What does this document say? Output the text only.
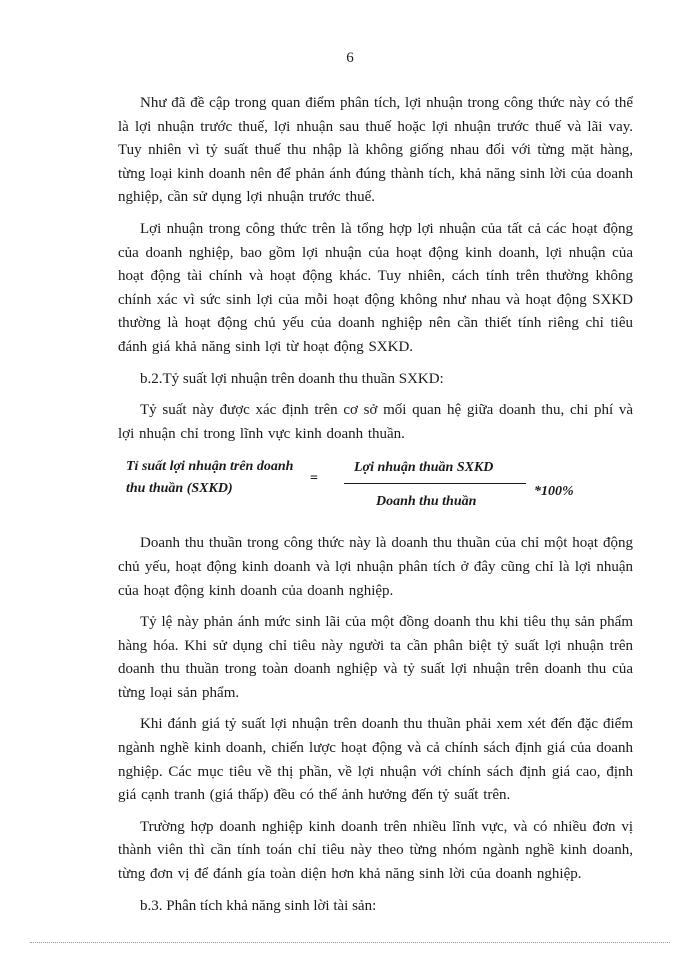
6

Như đã đề cập trong quan điểm phân tích, lợi nhuận trong công thức này có thể là lợi nhuận trước thuế, lợi nhuận sau thuế hoặc lợi nhuận trước thuế và lãi vay. Tuy nhiên vì tỷ suất thuế thu nhập là không giống nhau đối với từng mặt hàng, từng loại kinh doanh nên để phản ánh đúng thành tích, khả năng sinh lời của doanh nghiệp, cần sử dụng lợi nhuận trước thuế.

Lợi nhuận trong công thức trên là tổng hợp lợi nhuận của tất cả các hoạt động của doanh nghiệp, bao gồm lợi nhuận của hoạt động kinh doanh, lợi nhuận của hoạt động tài chính và hoạt động khác. Tuy nhiên, cách tính trên thường không chính xác vì sức sinh lợi của mỗi hoạt động không như nhau và hoạt động SXKD thường là hoạt động chủ yếu của doanh nghiệp nên cần thiết tính riêng chỉ tiêu đánh giá khả năng sinh lợi từ hoạt động SXKD.

b.2.Tỷ suất lợi nhuận trên doanh thu thuần SXKD:

Tỷ suất này được xác định trên cơ sở mối quan hệ giữa doanh thu, chi phí và lợi nhuận chỉ trong lĩnh vực kinh doanh thuần.

Tỉ suất lợi nhuận trên doanh
thu thuần (SXKD)
=
Lợi nhuận thuần SXKD
Doanh thu thuần
*100%

Doanh thu thuần trong công thức này là doanh thu thuần của chỉ một hoạt động chủ yếu, hoạt động kinh doanh và lợi nhuận phân tích ở đây cũng chỉ là lợi nhuận của hoạt động kinh doanh của doanh nghiệp.

Tỷ lệ này phản ánh mức sinh lãi của một đồng doanh thu khi tiêu thụ sản phẩm hàng hóa. Khi sử dụng chỉ tiêu này người ta cần phân biệt tỷ suất lợi nhuận trên doanh thu thuần trong toàn doanh nghiệp và tỷ suất lợi nhuận trên doanh thu của từng loại sản phẩm.

Khi đánh giá tỷ suất lợi nhuận trên doanh thu thuần phải xem xét đến đặc điểm ngành nghề kinh doanh, chiến lược hoạt động và cả chính sách định giá của doanh nghiệp. Các mục tiêu về thị phần, về lợi nhuận với chính sách định giá cao, định giá cạnh tranh (giá thấp) đều có thể ảnh hưởng đến tỷ suất trên.

Trường hợp doanh nghiệp kinh doanh trên nhiều lĩnh vực, và có nhiều đơn vị thành viên thì cần tính toán chỉ tiêu này theo từng nhóm ngành nghề kinh doanh, từng đơn vị để đánh gía toàn diện hơn khả năng sinh lời của doanh nghiệp.

b.3. Phân tích khả năng sinh lời tài sản:
